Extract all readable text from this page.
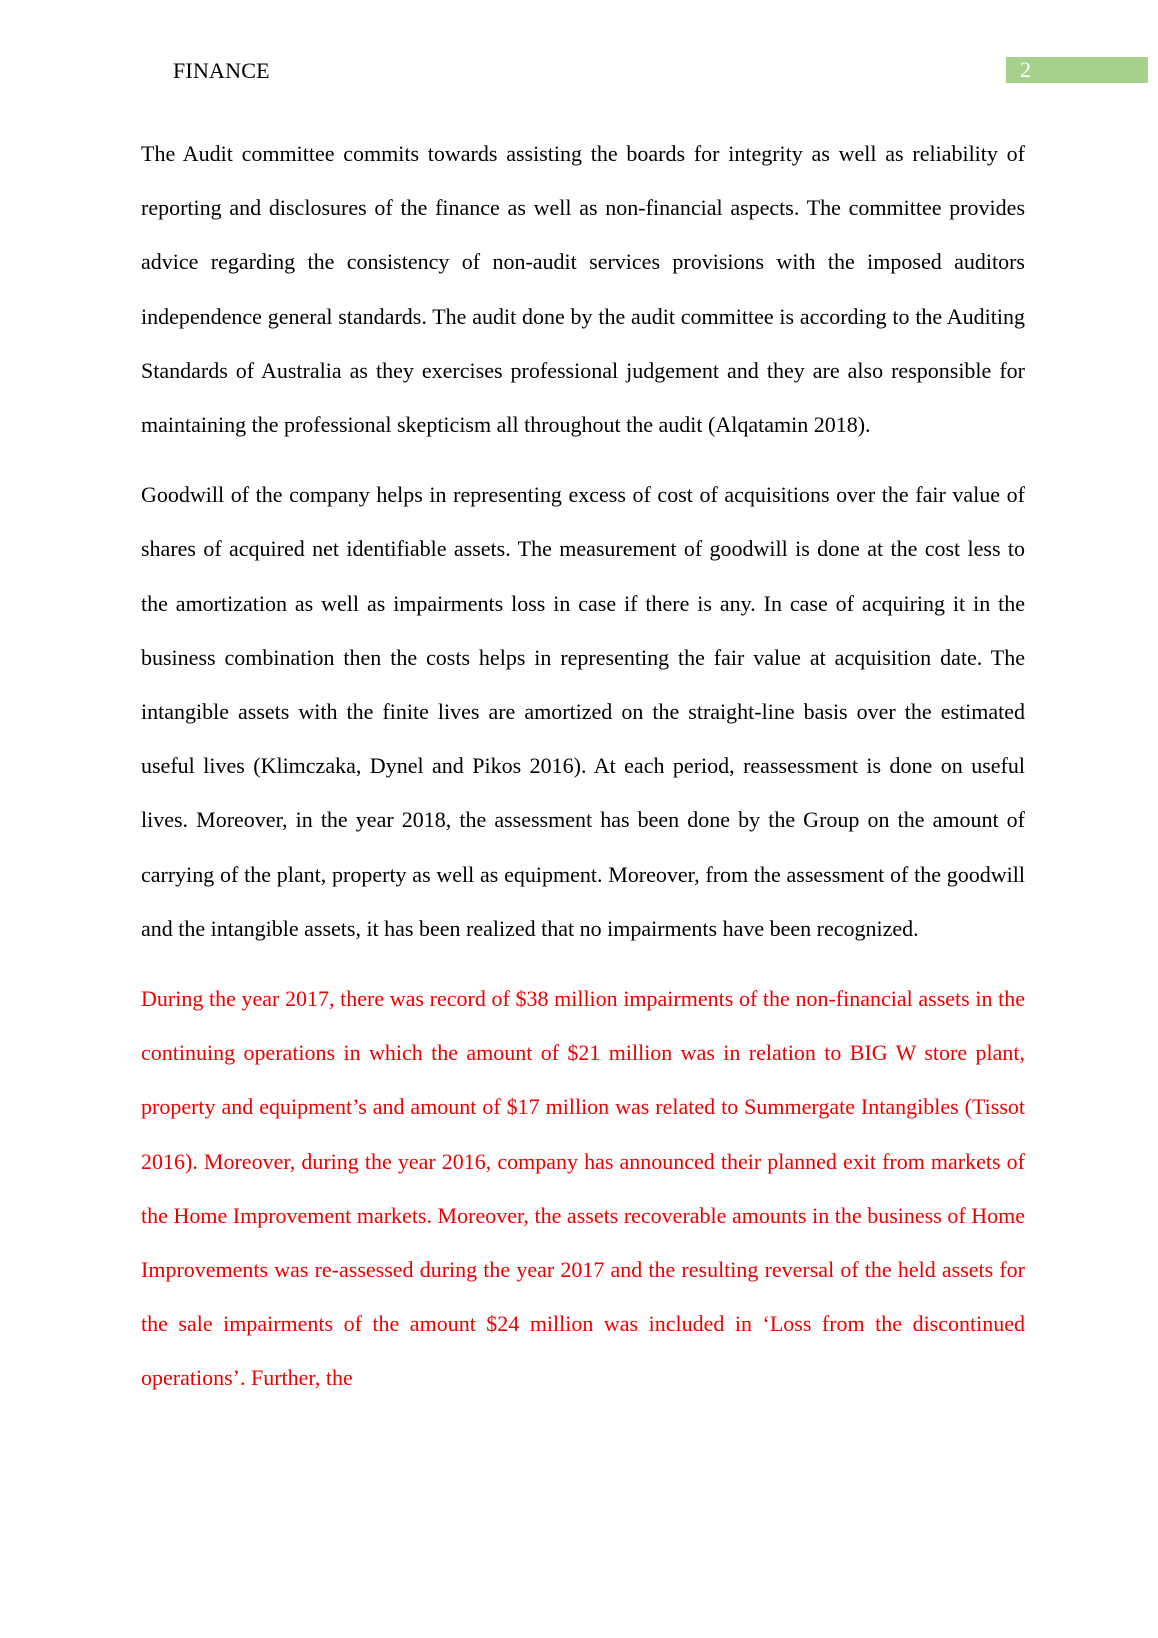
FINANCE	2

The Audit committee commits towards assisting the boards for integrity as well as reliability of reporting and disclosures of the finance as well as non-financial aspects. The committee provides advice regarding the consistency of non-audit services provisions with the imposed auditors independence general standards. The audit done by the audit committee is according to the Auditing Standards of Australia as they exercises professional judgement and they are also responsible for maintaining the professional skepticism all throughout the audit (Alqatamin 2018).

Goodwill of the company helps in representing excess of cost of acquisitions over the fair value of shares of acquired net identifiable assets. The measurement of goodwill is done at the cost less to the amortization as well as impairments loss in case if there is any. In case of acquiring it in the business combination then the costs helps in representing the fair value at acquisition date. The intangible assets with the finite lives are amortized on the straight-line basis over the estimated useful lives (Klimczaka, Dynel and Pikos 2016). At each period, reassessment is done on useful lives. Moreover, in the year 2018, the assessment has been done by the Group on the amount of carrying of the plant, property as well as equipment. Moreover, from the assessment of the goodwill and the intangible assets, it has been realized that no impairments have been recognized.

During the year 2017, there was record of $38 million impairments of the non-financial assets in the continuing operations in which the amount of $21 million was in relation to BIG W store plant, property and equipment’s and amount of $17 million was related to Summergate Intangibles (Tissot 2016). Moreover, during the year 2016, company has announced their planned exit from markets of the Home Improvement markets. Moreover, the assets recoverable amounts in the business of Home Improvements was re-assessed during the year 2017 and the resulting reversal of the held assets for the sale impairments of the amount $24 million was included in ‘Loss from the discontinued operations’. Further, the
